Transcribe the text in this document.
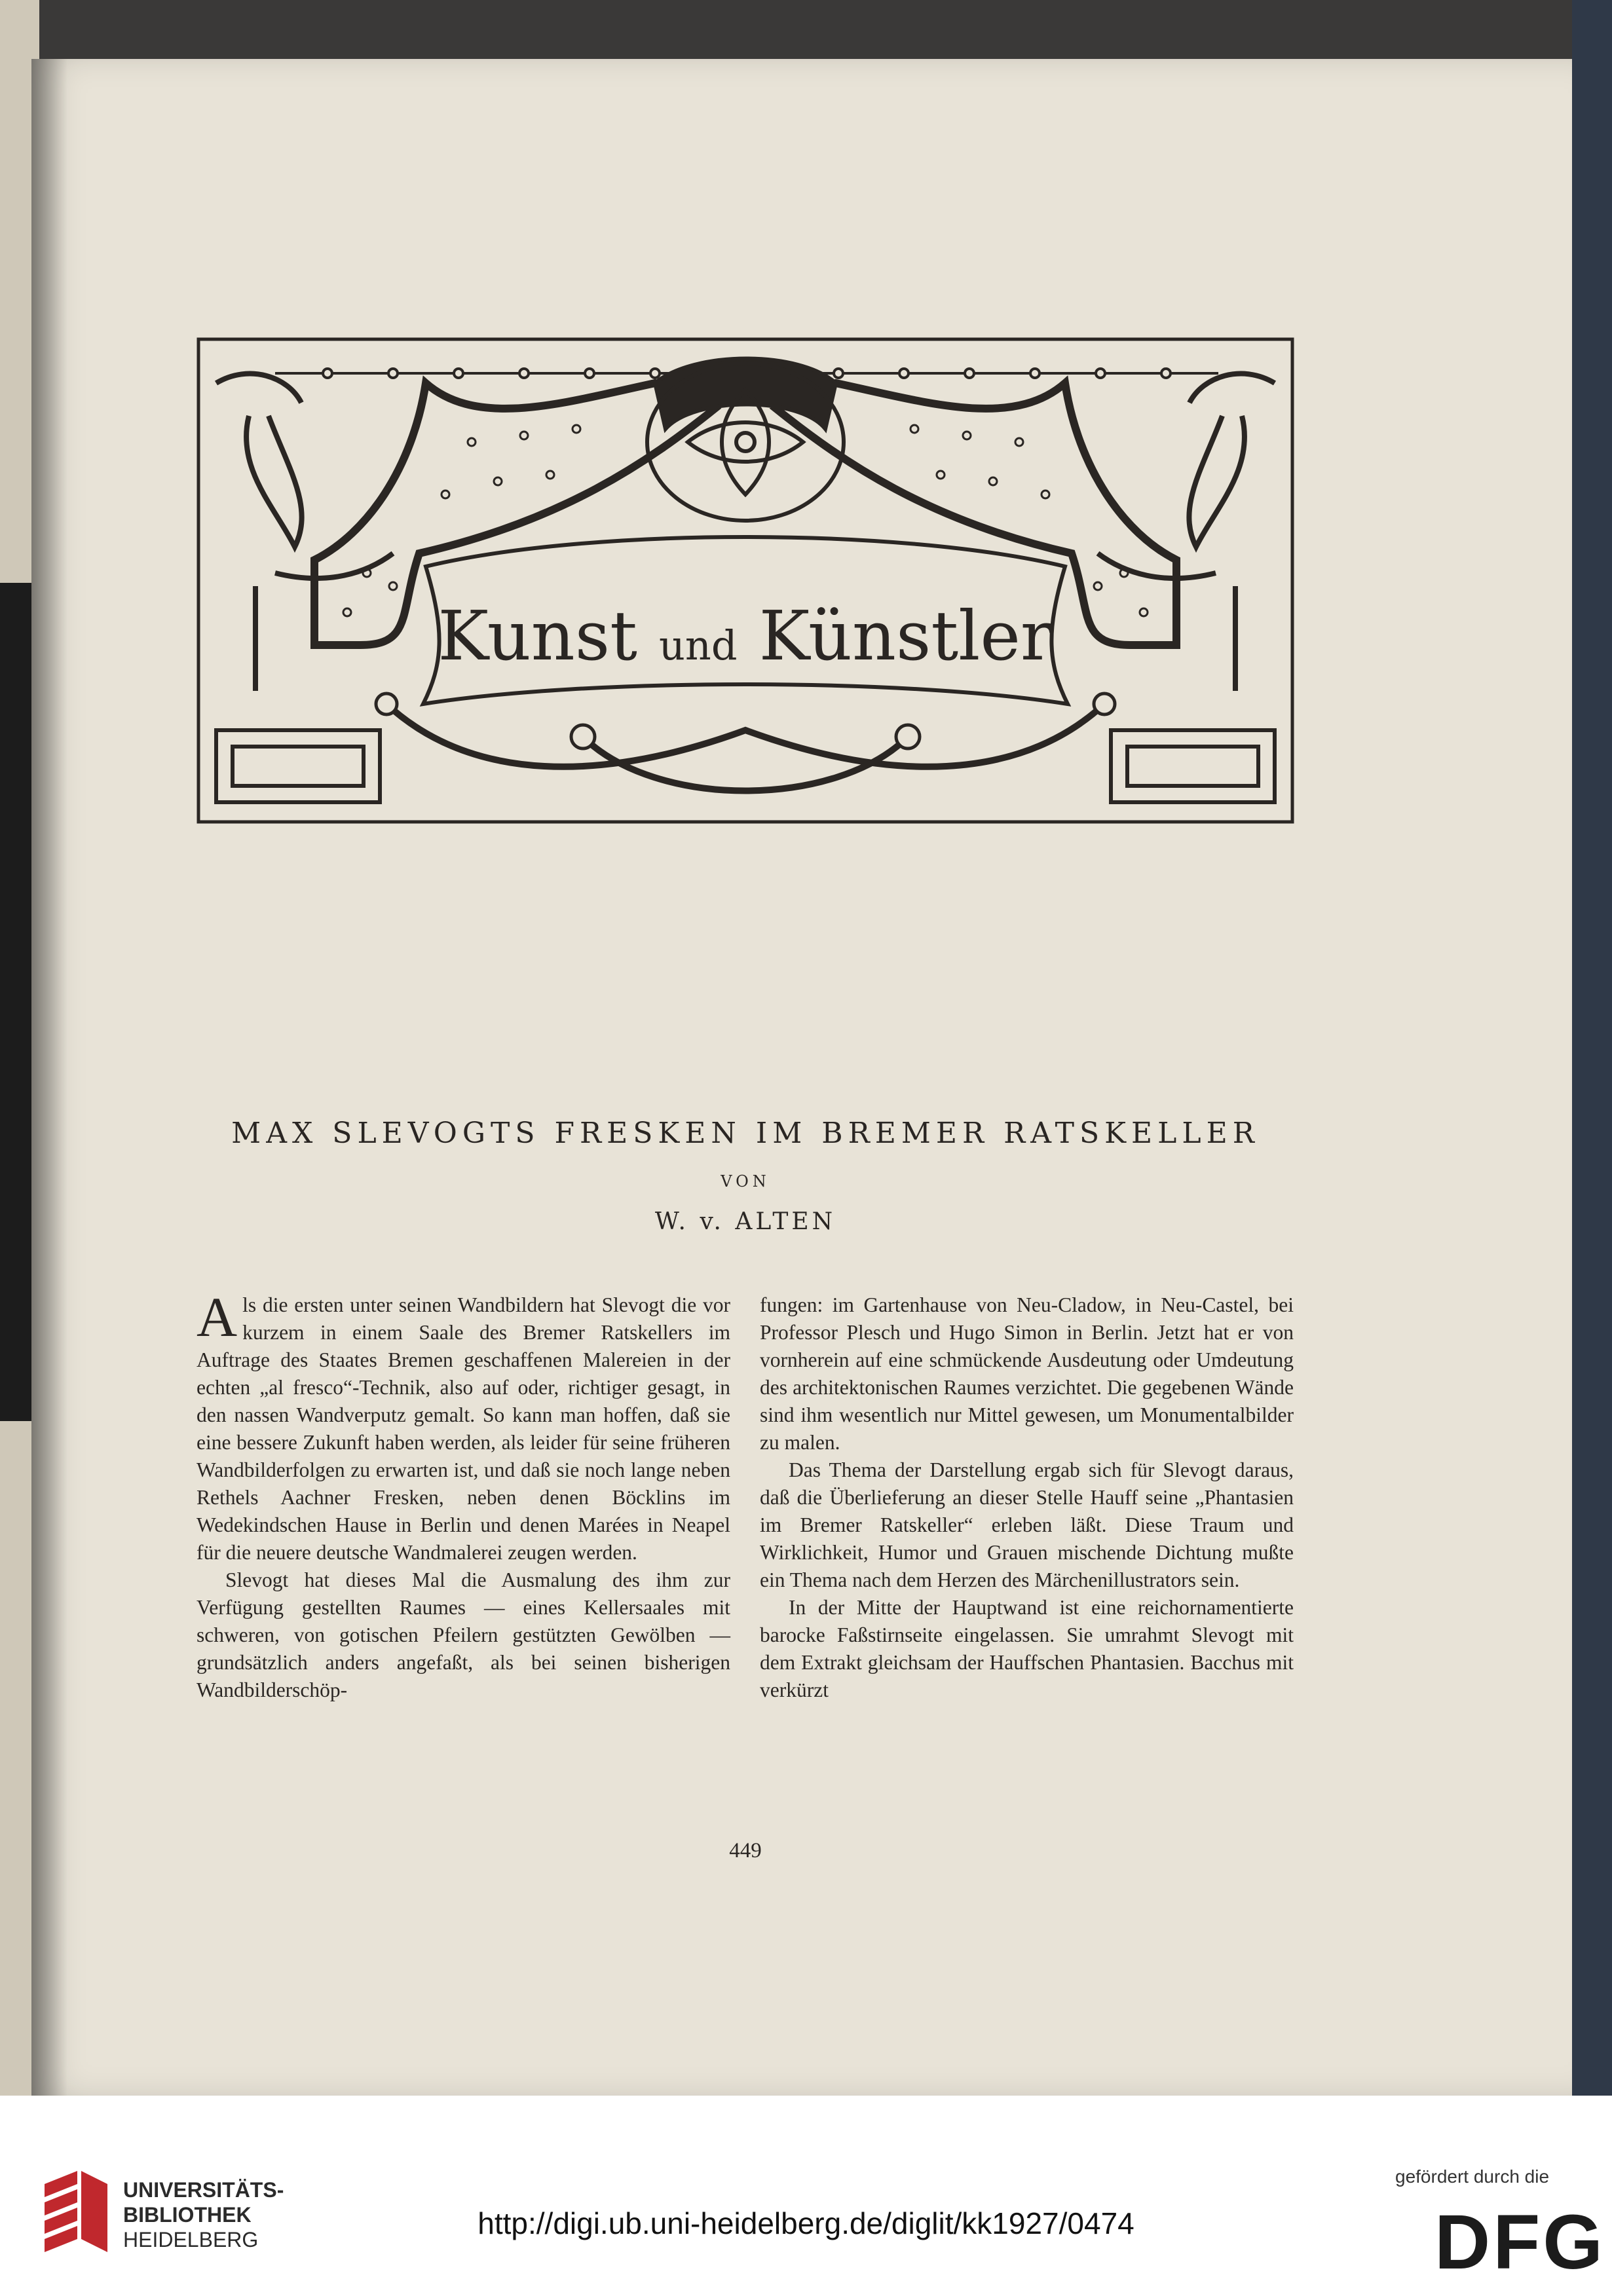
Kunst und Künstler
MAX SLEVOGTS FRESKEN IM BREMER RATSKELLER
VON
W. v. ALTEN

Als die ersten unter seinen Wandbildern hat Slevogt die vor kurzem in einem Saale des Bremer Ratskellers im Auftrage des Staates Bremen geschaffenen Malereien in der echten „al fresco“-Technik, also auf oder, richtiger gesagt, in den nassen Wandverputz gemalt. So kann man hoffen, daß sie eine bessere Zukunft haben werden, als leider für seine früheren Wandbilderfolgen zu erwarten ist, und daß sie noch lange neben Rethels Aachner Fresken, neben denen Böcklins im Wedekindschen Hause in Berlin und denen Marées in Neapel für die neuere deutsche Wandmalerei zeugen werden.

Slevogt hat dieses Mal die Ausmalung des ihm zur Verfügung gestellten Raumes — eines Kellersaales mit schweren, von gotischen Pfeilern gestützten Gewölben — grundsätzlich anders angefaßt, als bei seinen bisherigen Wandbilderschöp-

fungen: im Gartenhause von Neu-Cladow, in Neu-Castel, bei Professor Plesch und Hugo Simon in Berlin. Jetzt hat er von vornherein auf eine schmückende Ausdeutung oder Umdeutung des architektonischen Raumes verzichtet. Die gegebenen Wände sind ihm wesentlich nur Mittel gewesen, um Monumentalbilder zu malen.

Das Thema der Darstellung ergab sich für Slevogt daraus, daß die Überlieferung an dieser Stelle Hauff seine „Phantasien im Bremer Ratskeller“ erleben läßt. Diese Traum und Wirklichkeit, Humor und Grauen mischende Dichtung mußte ein Thema nach dem Herzen des Märchenillustrators sein.

In der Mitte der Hauptwand ist eine reichornamentierte barocke Faßstirnseite eingelassen. Sie umrahmt Slevogt mit dem Extrakt gleichsam der Hauffschen Phantasien. Bacchus mit verkürzt

449
UNIVERSITÄTS-
BIBLIOTHEK
HEIDELBERG	http://digi.ub.uni-heidelberg.de/diglit/kk1927/0474
gefördert durch die
DFG
